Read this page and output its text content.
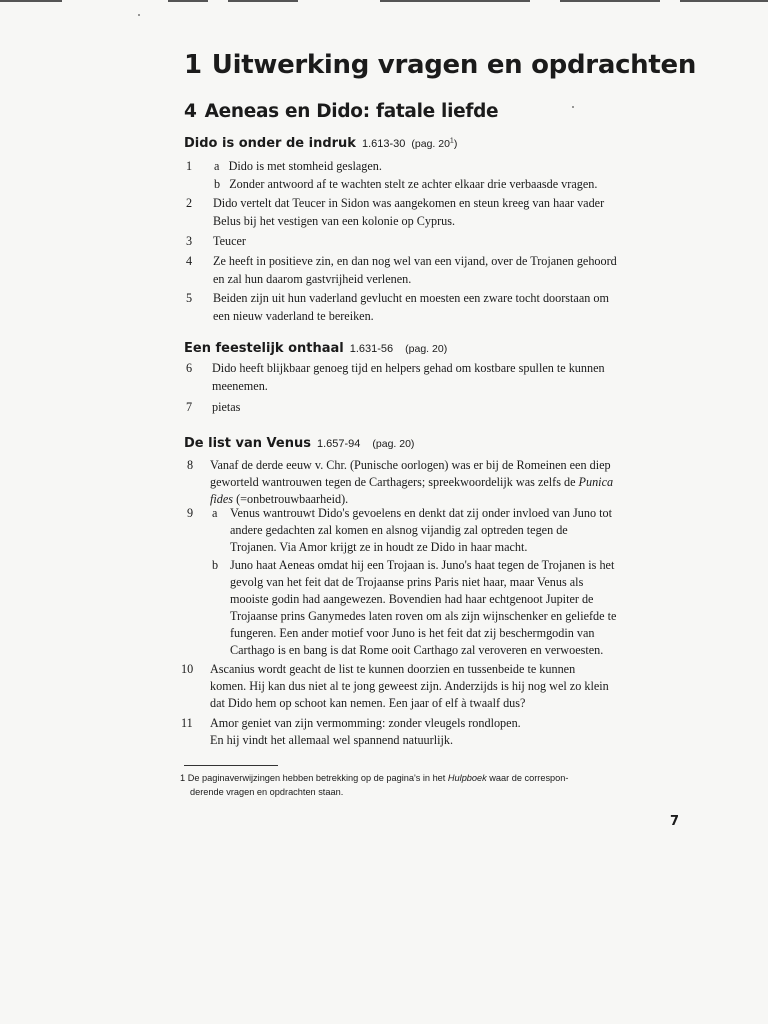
1 Uitwerking vragen en opdrachten
4 Aeneas en Dido: fatale liefde
Dido is onder de indruk 1.613-30 (pag. $20^1$)
1	a   Dido is met stomheid geslagen.
b   Zonder antwoord af te wachten stelt ze achter elkaar drie verbaasde vragen.
2	Dido vertelt dat Teucer in Sidon was aangekomen en steun kreeg van haar vader
Belus bij het vestigen van een kolonie op Cyprus.
3	Teucer
4	Ze heeft in positieve zin, en dan nog wel van een vijand, over de Trojanen gehoord
en zal hun daarom gastvrijheid verlenen.
5	Beiden zijn uit hun vaderland gevlucht en moesten een zware tocht doorstaan om
een nieuw vaderland te bereiken.
Een feestelijk onthaal 1.631-56 (pag. 20)
6	Dido heeft blijkbaar genoeg tijd en helpers gehad om kostbare spullen te kunnen
meenemen.
7	pietas
De list van Venus 1.657-94 (pag. 20)
8	Vanaf de derde eeuw v. Chr. (Punische oorlogen) was er bij de Romeinen een diep
geworteld wantrouwen tegen de Carthagers; spreekwoordelijk was zelfs de Punica
fides (=onbetrouwbaarheid).
9	a Venus wantrouwt Dido's gevoelens en denkt dat zij onder invloed van Juno tot
andere gedachten zal komen en alsnog vijandig zal optreden tegen de
Trojanen. Via Amor krijgt ze in houdt ze Dido in haar macht.
b Juno haat Aeneas omdat hij een Trojaan is. Juno's haat tegen de Trojanen is het
gevolg van het feit dat de Trojaanse prins Paris niet haar, maar Venus als
mooiste godin had aangewezen. Bovendien had haar echtgenoot Jupiter de
Trojaanse prins Ganymedes laten roven om als zijn wijnschenker en geliefde te
fungeren. Een ander motief voor Juno is het feit dat zij beschermgodin van
Carthago is en bang is dat Rome ooit Carthago zal veroveren en verwoesten.
10	Ascanius wordt geacht de list te kunnen doorzien en tussenbeide te kunnen
komen. Hij kan dus niet al te jong geweest zijn. Anderzijds is hij nog wel zo klein
dat Dido hem op schoot kan nemen. Een jaar of elf à twaalf dus?
11	Amor geniet van zijn vermomming: zonder vleugels rondlopen.
En hij vindt het allemaal wel spannend natuurlijk.
1 De paginaverwijzingen hebben betrekking op de pagina's in het Hulpboek waar de correspon-
derende vragen en opdrachten staan.
7
